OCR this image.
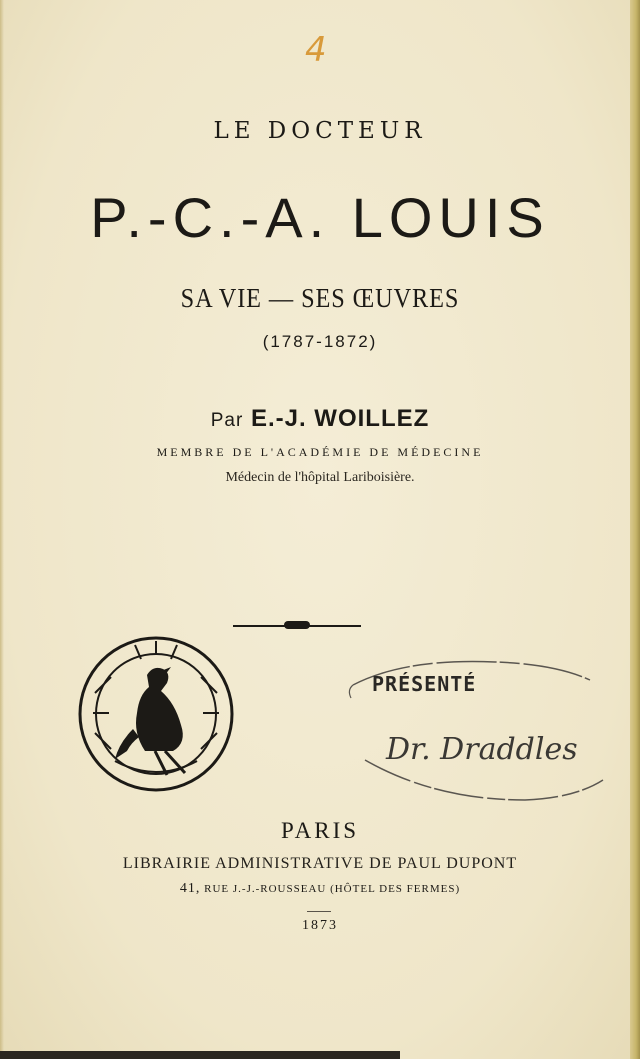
4
LE DOCTEUR
P.-C.-A. LOUIS
SA VIE — SES ŒUVRES
(1787-1872)
Par E.-J. WOILLEZ
MEMBRE DE L'ACADÉMIE DE MÉDECINE
Médecin de l'hôpital Lariboisière.
PRÉSENTÉ
Dr. Draddles
PARIS
LIBRAIRIE ADMINISTRATIVE DE PAUL DUPONT
41, RUE J.-J.-ROUSSEAU (HÔTEL DES FERMES)
1873
